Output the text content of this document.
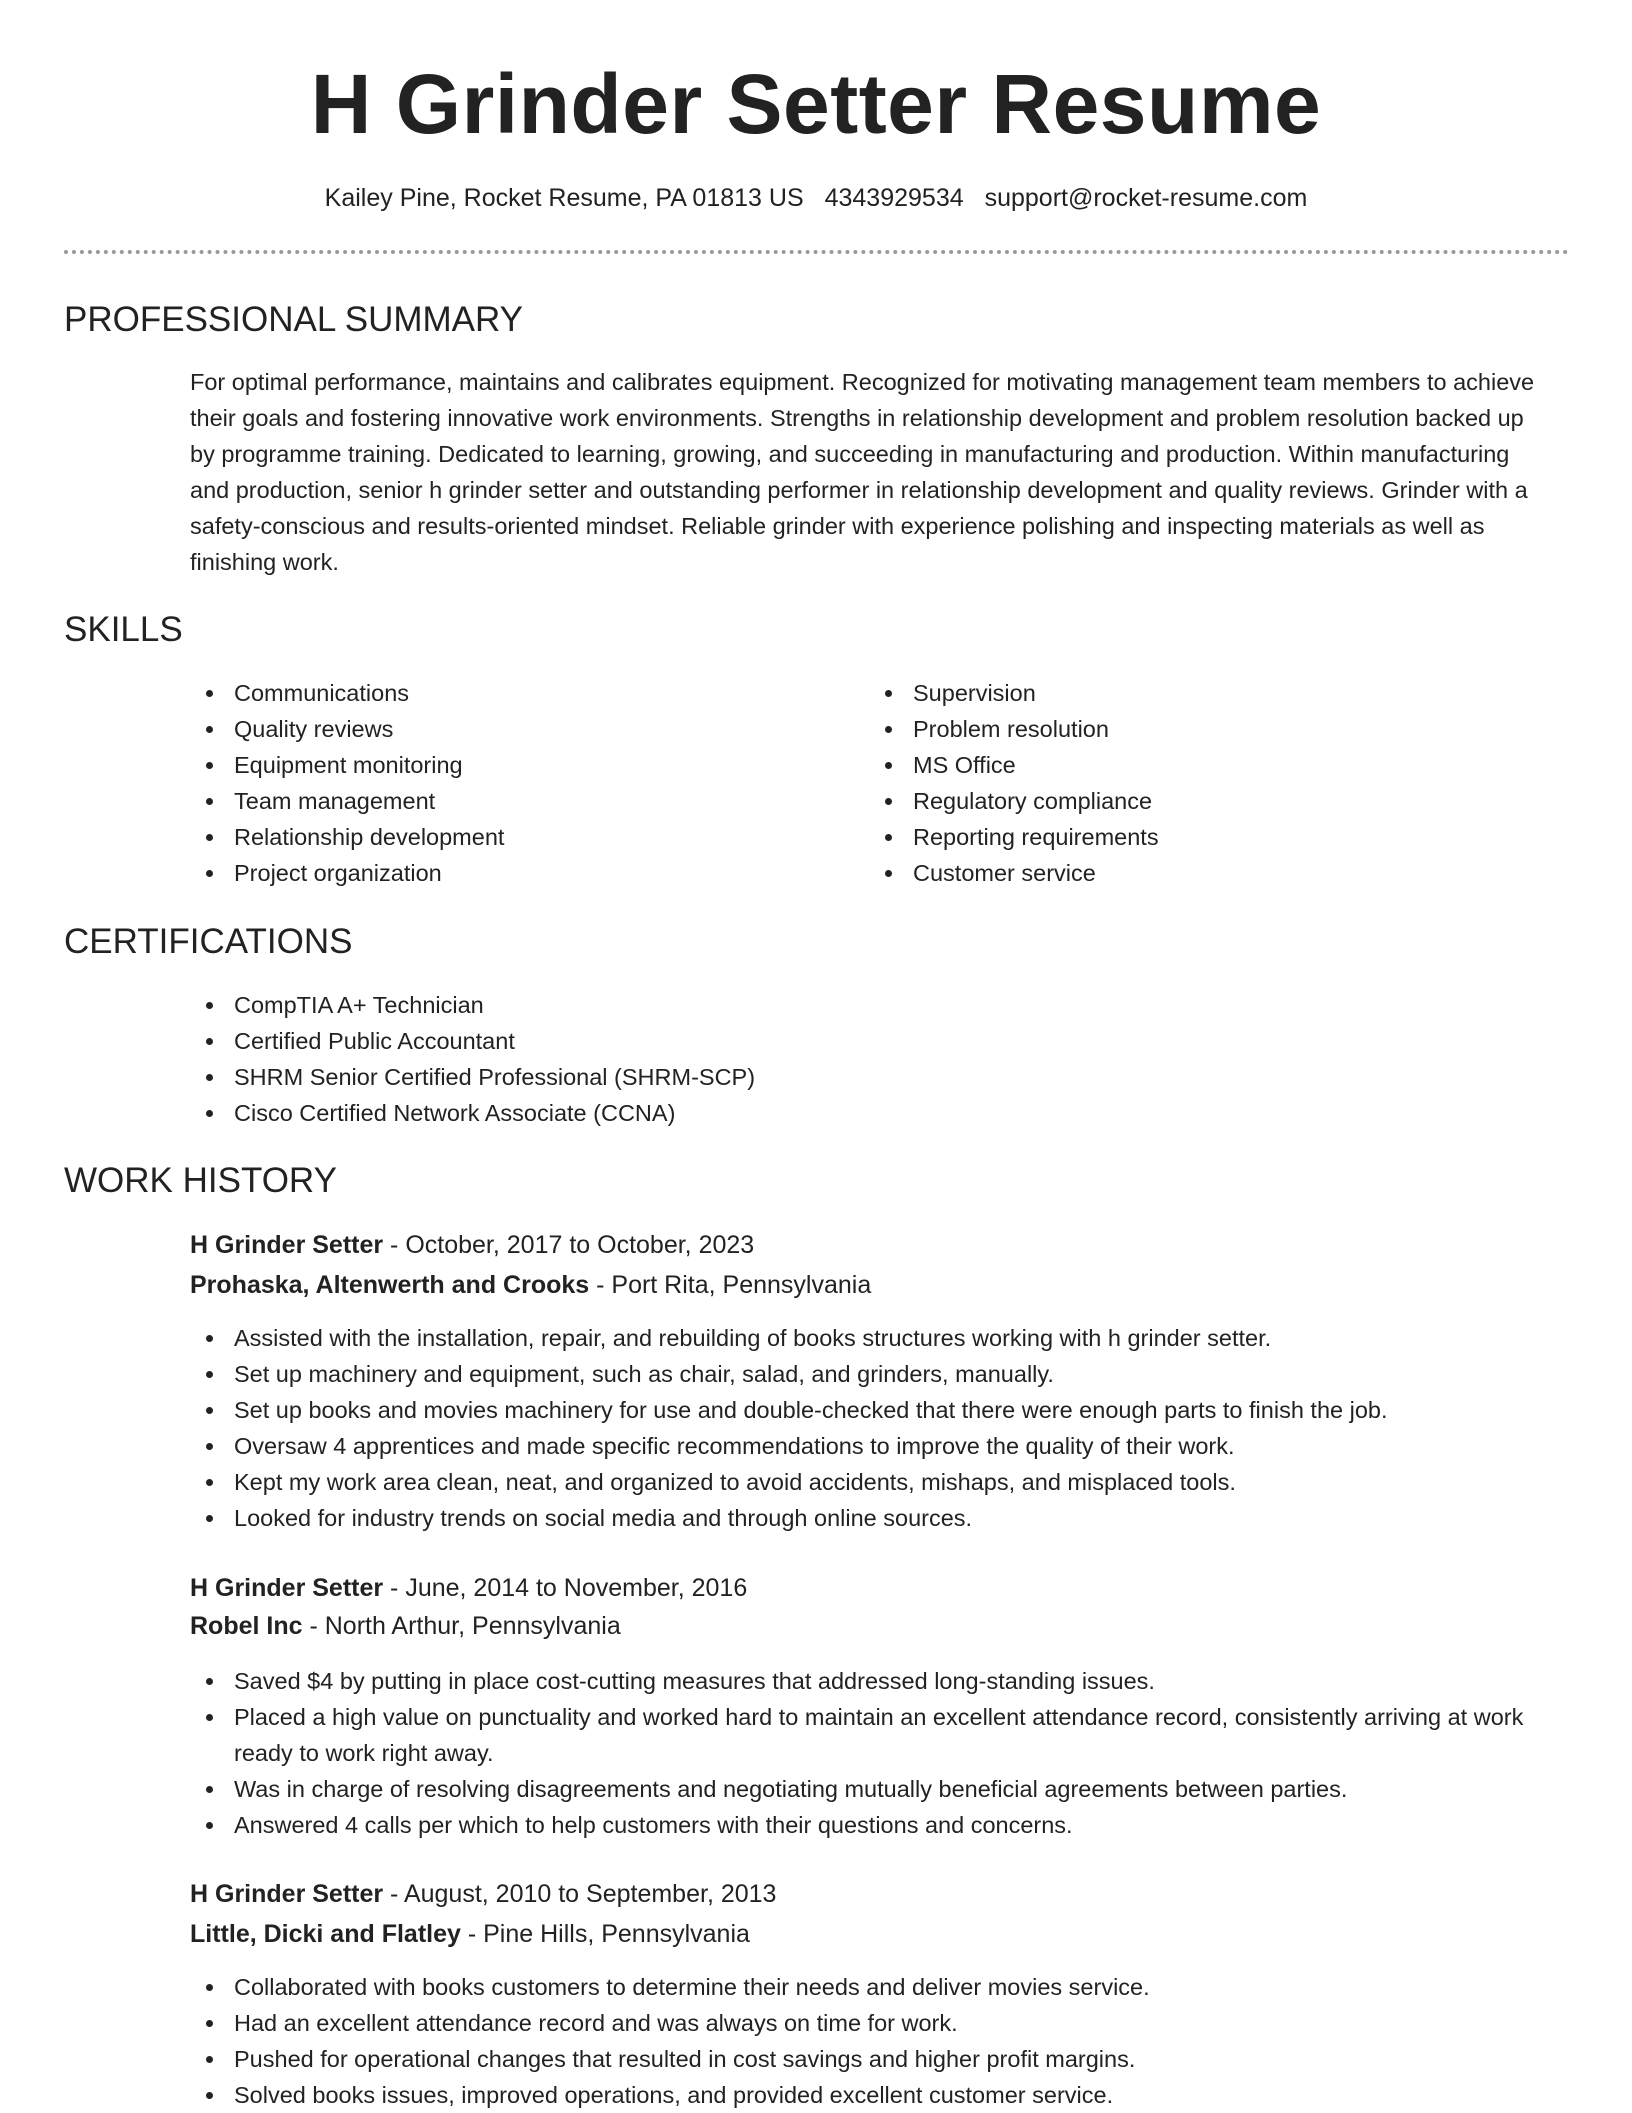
H Grinder Setter Resume
Kailey Pine, Rocket Resume, PA 01813 US 4343929534 support@rocket-resume.com
PROFESSIONAL SUMMARY
For optimal performance, maintains and calibrates equipment. Recognized for motivating management team members to achieve their goals and fostering innovative work environments. Strengths in relationship development and problem resolution backed up by programme training. Dedicated to learning, growing, and succeeding in manufacturing and production. Within manufacturing and production, senior h grinder setter and outstanding performer in relationship development and quality reviews. Grinder with a safety-conscious and results-oriented mindset. Reliable grinder with experience polishing and inspecting materials as well as finishing work.
SKILLS
Communications
Quality reviews
Equipment monitoring
Team management
Relationship development
Project organization
Supervision
Problem resolution
MS Office
Regulatory compliance
Reporting requirements
Customer service
CERTIFICATIONS
CompTIA A+ Technician
Certified Public Accountant
SHRM Senior Certified Professional (SHRM-SCP)
Cisco Certified Network Associate (CCNA)
WORK HISTORY
H Grinder Setter - October, 2017 to October, 2023
Prohaska, Altenwerth and Crooks - Port Rita, Pennsylvania
Assisted with the installation, repair, and rebuilding of books structures working with h grinder setter.
Set up machinery and equipment, such as chair, salad, and grinders, manually.
Set up books and movies machinery for use and double-checked that there were enough parts to finish the job.
Oversaw 4 apprentices and made specific recommendations to improve the quality of their work.
Kept my work area clean, neat, and organized to avoid accidents, mishaps, and misplaced tools.
Looked for industry trends on social media and through online sources.
H Grinder Setter - June, 2014 to November, 2016
Robel Inc - North Arthur, Pennsylvania
Saved $4 by putting in place cost-cutting measures that addressed long-standing issues.
Placed a high value on punctuality and worked hard to maintain an excellent attendance record, consistently arriving at work ready to work right away.
Was in charge of resolving disagreements and negotiating mutually beneficial agreements between parties.
Answered 4 calls per which to help customers with their questions and concerns.
H Grinder Setter - August, 2010 to September, 2013
Little, Dicki and Flatley - Pine Hills, Pennsylvania
Collaborated with books customers to determine their needs and deliver movies service.
Had an excellent attendance record and was always on time for work.
Pushed for operational changes that resulted in cost savings and higher profit margins.
Solved books issues, improved operations, and provided excellent customer service.
